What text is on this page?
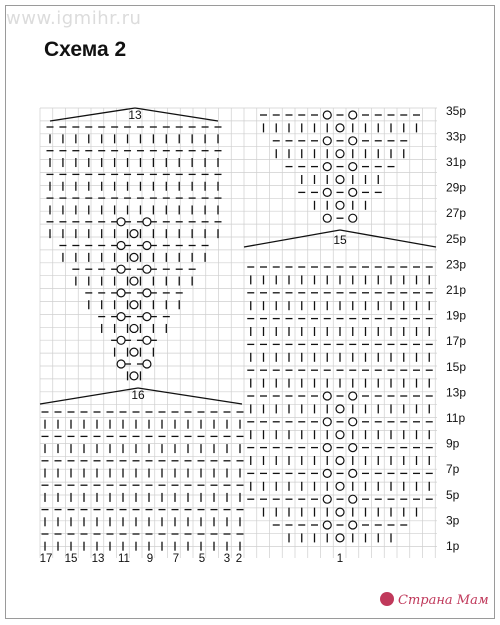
www.igmihr.ru
Схема 2
1p
3p
5p
7p
9p
11p
13p
15p
17p
19p
21p
23p
25p
27p
29p
31p
33p
35p
17 15 13 11 9 7 5 3 2	1
13
15
16
Страна Мам
